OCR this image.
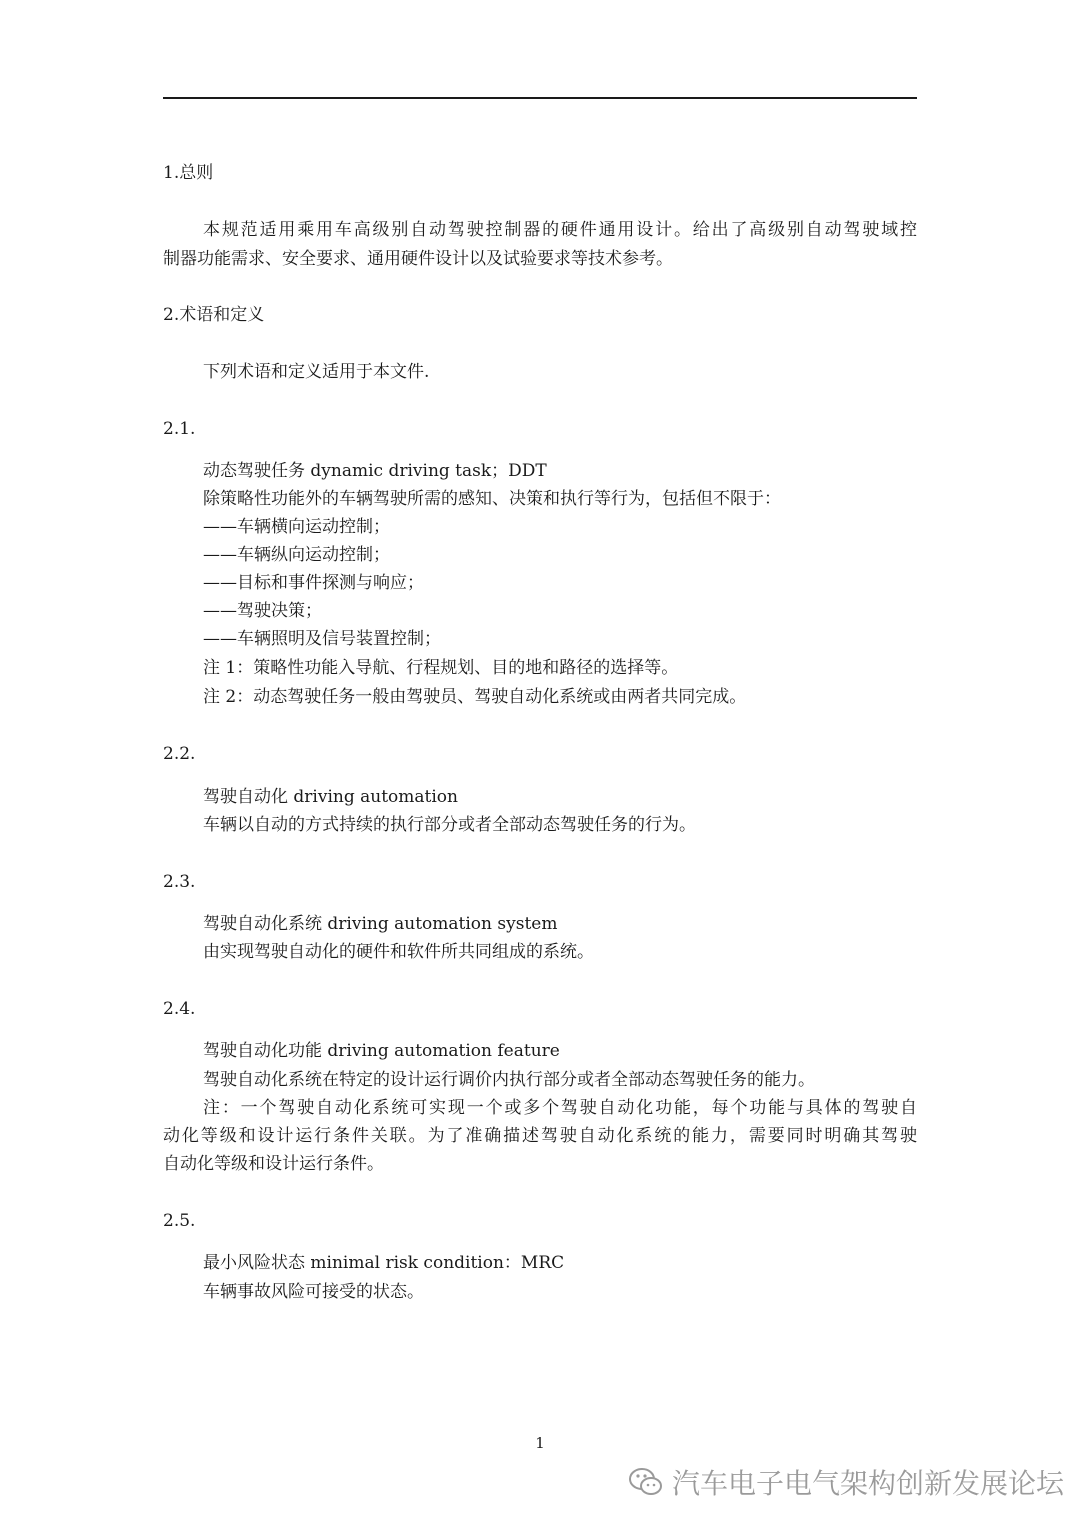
1.总则
本规范适用乘用车高级别自动驾驶控制器的硬件通用设计。给出了高级别自动驾驶域控
制器功能需求、安全要求、通用硬件设计以及试验要求等技术参考。
2.术语和定义
下列术语和定义适用于本文件.
2.1.
动态驾驶任务 dynamic driving task；DDT
除策略性功能外的车辆驾驶所需的感知、决策和执行等行为，包括但不限于：
——车辆横向运动控制；
——车辆纵向运动控制；
——目标和事件探测与响应；
——驾驶决策；
——车辆照明及信号装置控制；
注 1：策略性功能入导航、行程规划、目的地和路径的选择等。
注 2：动态驾驶任务一般由驾驶员、驾驶自动化系统或由两者共同完成。
2.2.
驾驶自动化 driving automation
车辆以自动的方式持续的执行部分或者全部动态驾驶任务的行为。
2.3.
驾驶自动化系统 driving automation system
由实现驾驶自动化的硬件和软件所共同组成的系统。
2.4.
驾驶自动化功能 driving automation feature
驾驶自动化系统在特定的设计运行调价内执行部分或者全部动态驾驶任务的能力。
注：一个驾驶自动化系统可实现一个或多个驾驶自动化功能，每个功能与具体的驾驶自
动化等级和设计运行条件关联。为了准确描述驾驶自动化系统的能力，需要同时明确其驾驶
自动化等级和设计运行条件。
2.5.
最小风险状态 minimal risk condition：MRC
车辆事故风险可接受的状态。
1
汽车电子电气架构创新发展论坛
